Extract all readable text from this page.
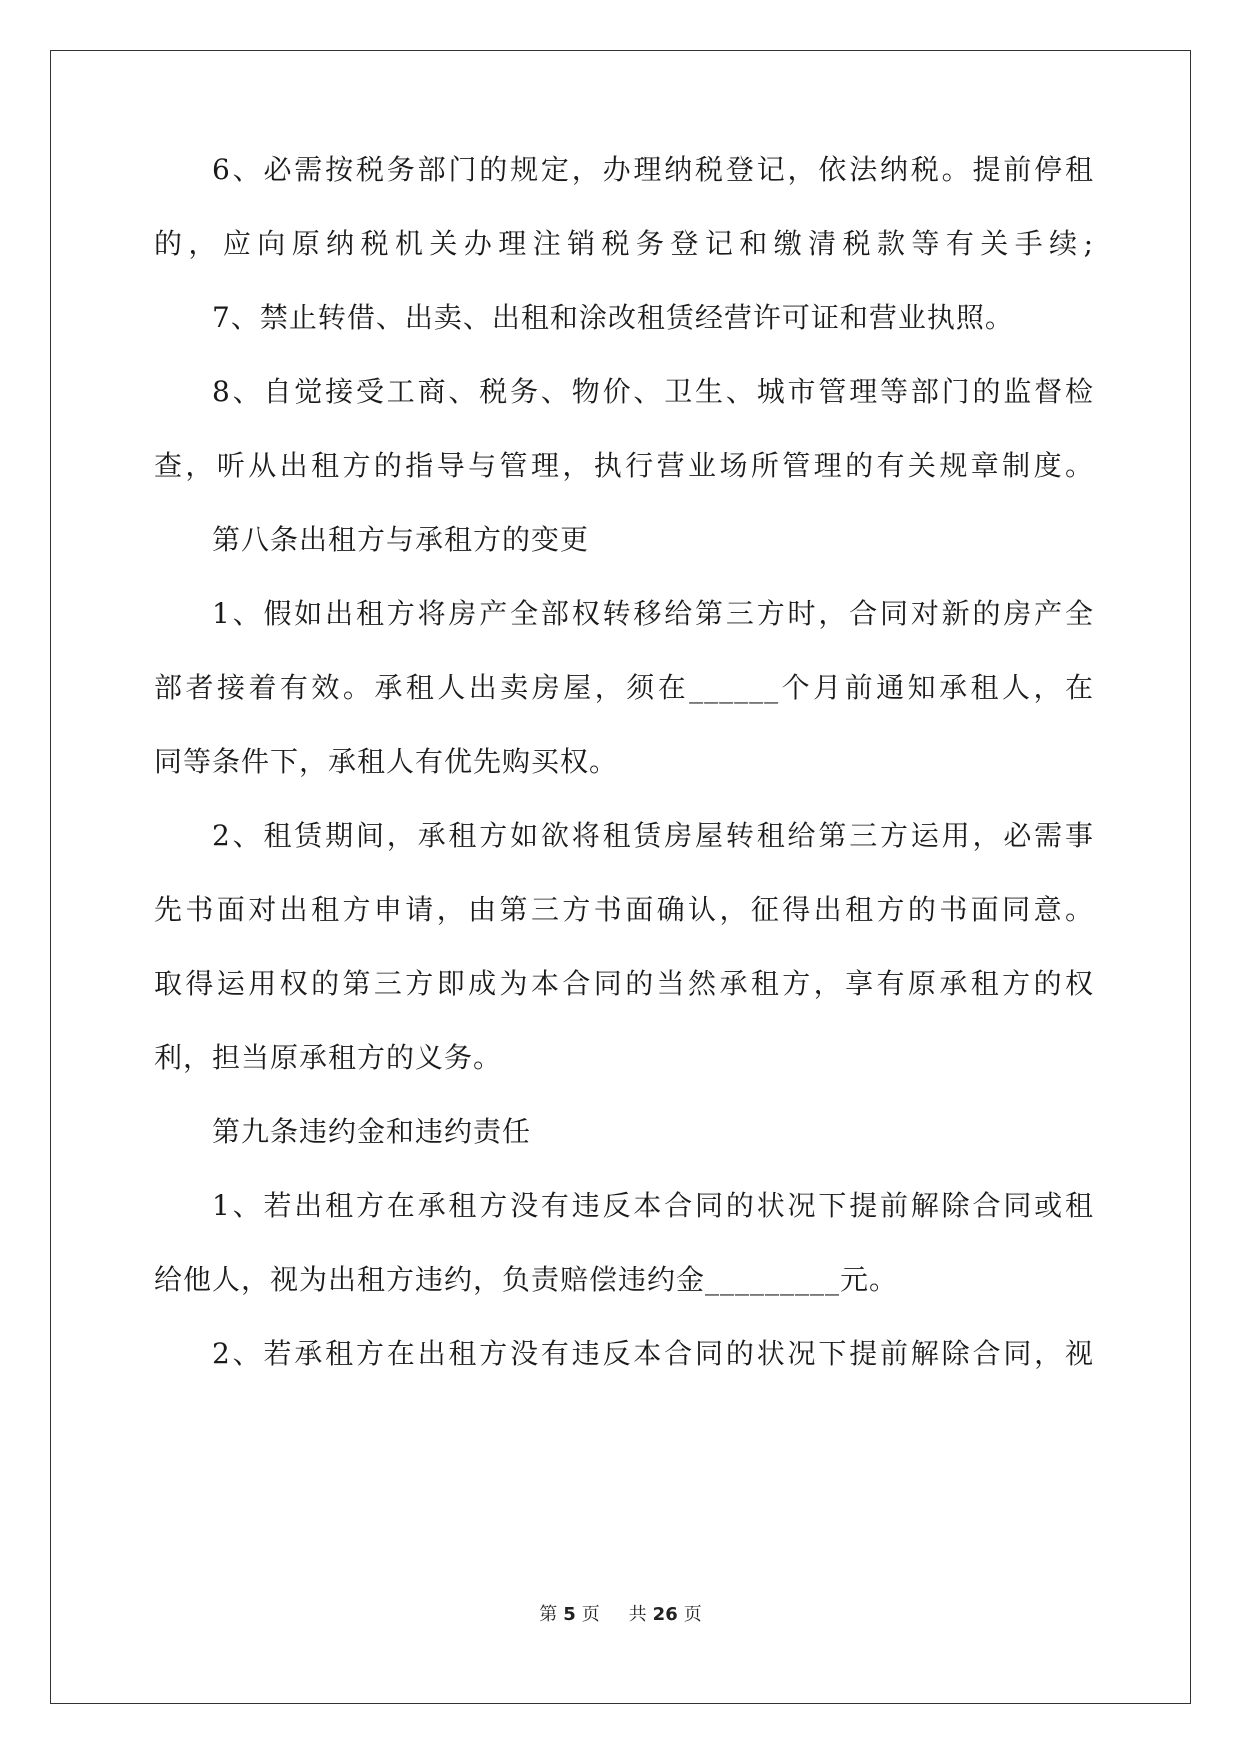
6、必需按税务部门的规定，办理纳税登记，依法纳税。提前停租
的，应向原纳税机关办理注销税务登记和缴清税款等有关手续;
7、禁止转借、出卖、出租和涂改租赁经营许可证和营业执照。
8、自觉接受工商、税务、物价、卫生、城市管理等部门的监督检
查，听从出租方的指导与管理，执行营业场所管理的有关规章制度。
第八条出租方与承租方的变更
1、假如出租方将房产全部权转移给第三方时，合同对新的房产全
部者接着有效。承租人出卖房屋，须在______个月前通知承租人，在
同等条件下，承租人有优先购买权。
2、租赁期间，承租方如欲将租赁房屋转租给第三方运用，必需事
先书面对出租方申请，由第三方书面确认，征得出租方的书面同意。
取得运用权的第三方即成为本合同的当然承租方，享有原承租方的权
利，担当原承租方的义务。
第九条违约金和违约责任
1、若出租方在承租方没有违反本合同的状况下提前解除合同或租
给他人，视为出租方违约，负责赔偿违约金_________元。
2、若承租方在出租方没有违反本合同的状况下提前解除合同，视
第 5 页 共 26 页
